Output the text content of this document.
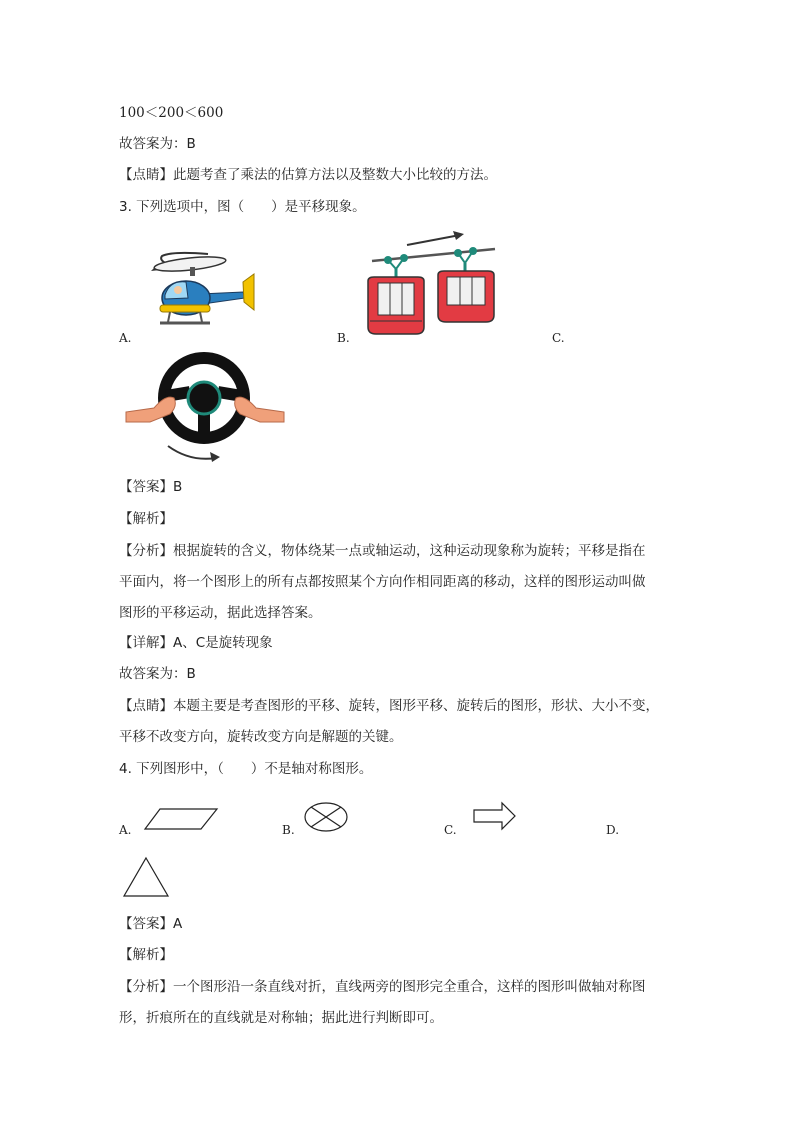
100＜200＜600
故答案为：B
【点睛】此题考查了乘法的估算方法以及整数大小比较的方法。
3. 下列选项中，图（　　）是平移现象。
A.	B.	C.
【答案】B
【解析】
【分析】根据旋转的含义，物体绕某一点或轴运动，这种运动现象称为旋转；平移是指在
平面内，将一个图形上的所有点都按照某个方向作相同距离的移动，这样的图形运动叫做
图形的平移运动，据此选择答案。
【详解】A、C是旋转现象
故答案为：B
【点睛】本题主要是考查图形的平移、旋转，图形平移、旋转后的图形，形状、大小不变，
平移不改变方向，旋转改变方向是解题的关键。
4. 下列图形中，（　　）不是轴对称图形。
A.	B.	C.	D.
【答案】A
【解析】
【分析】一个图形沿一条直线对折，直线两旁的图形完全重合，这样的图形叫做轴对称图
形，折痕所在的直线就是对称轴；据此进行判断即可。
